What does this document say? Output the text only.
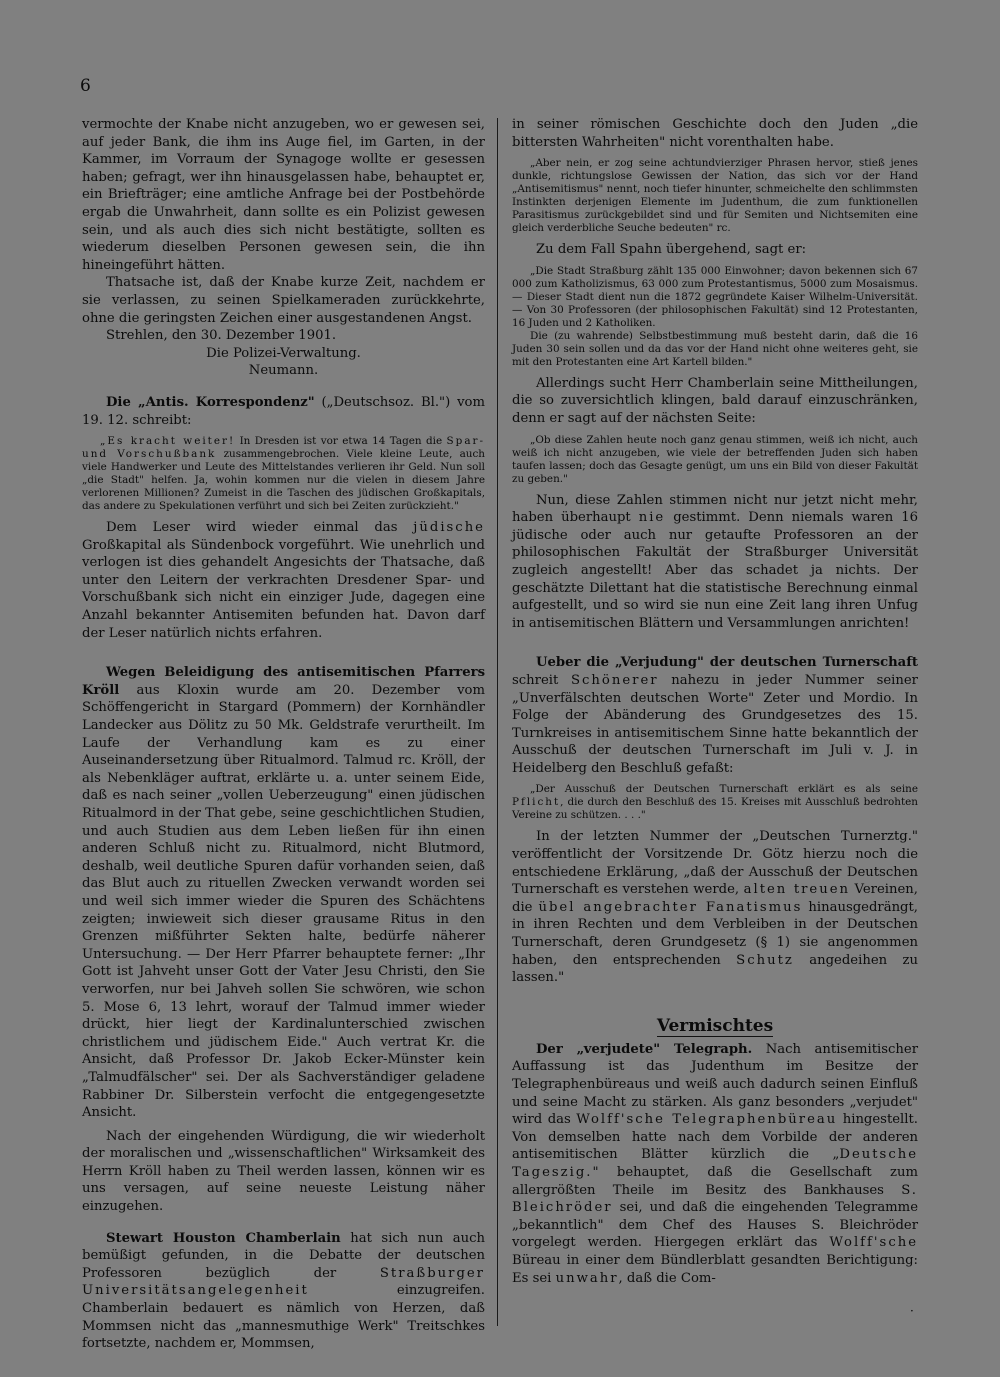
6

vermochte der Knabe nicht anzugeben, wo er gewesen sei, auf jeder Bank, die ihm ins Auge fiel, im Garten, in der Kammer, im Vorraum der Synagoge wollte er gesessen haben; gefragt, wer ihn hinausgelassen habe, behauptet er, ein Briefträger; eine amtliche Anfrage bei der Postbehörde ergab die Unwahrheit, dann sollte es ein Polizist gewesen sein, und als auch dies sich nicht bestätigte, sollten es wiederum dieselben Personen gewesen sein, die ihn hineingeführt hätten.

Thatsache ist, daß der Knabe kurze Zeit, nachdem er sie verlassen, zu seinen Spielkameraden zurückkehrte, ohne die geringsten Zeichen einer ausgestandenen Angst.

Strehlen, den 30. Dezember 1901.

Die Polizei-Verwaltung.

Neumann.

Die „Antis. Korrespondenz" („Deutschsoz. Bl.") vom 19. 12. schreibt:

„Es kracht weiter! In Dresden ist vor etwa 14 Tagen die Spar- und Vorschußbank zusammengebrochen. Viele kleine Leute, auch viele Handwerker und Leute des Mittelstandes verlieren ihr Geld. Nun soll „die Stadt" helfen. Ja, wohin kommen nur die vielen in diesem Jahre verlorenen Millionen? Zumeist in die Taschen des jüdischen Großkapitals, das andere zu Spekulationen verführt und sich bei Zeiten zurückzieht."

Dem Leser wird wieder einmal das jüdische Großkapital als Sündenbock vorgeführt. Wie unehrlich und verlogen ist dies gehandelt Angesichts der Thatsache, daß unter den Leitern der verkrachten Dresdener Spar- und Vorschußbank sich nicht ein einziger Jude, dagegen eine Anzahl bekannter Antisemiten befunden hat. Davon darf der Leser natürlich nichts erfahren.

Wegen Beleidigung des antisemitischen Pfarrers Kröll aus Kloxin wurde am 20. Dezember vom Schöffengericht in Stargard (Pommern) der Kornhändler Landecker aus Dölitz zu 50 Mk. Geldstrafe verurtheilt. Im Laufe der Verhandlung kam es zu einer Auseinandersetzung über Ritualmord. Talmud rc. Kröll, der als Nebenkläger auftrat, erklärte u. a. unter seinem Eide, daß es nach seiner „vollen Ueberzeugung" einen jüdischen Ritualmord in der That gebe, seine geschichtlichen Studien, und auch Studien aus dem Leben ließen für ihn einen anderen Schluß nicht zu. Ritualmord, nicht Blutmord, deshalb, weil deutliche Spuren dafür vorhanden seien, daß das Blut auch zu rituellen Zwecken verwandt worden sei und weil sich immer wieder die Spuren des Schächtens zeigten; inwieweit sich dieser grausame Ritus in den Grenzen mißführter Sekten halte, bedürfe näherer Untersuchung. — Der Herr Pfarrer behauptete ferner: „Ihr Gott ist Jahveht unser Gott der Vater Jesu Christi, den Sie verworfen, nur bei Jahveh sollen Sie schwören, wie schon 5. Mose 6, 13 lehrt, worauf der Talmud immer wieder drückt, hier liegt der Kardinalunterschied zwischen christlichem und jüdischem Eide." Auch vertrat Kr. die Ansicht, daß Professor Dr. Jakob Ecker-Münster kein „Talmudfälscher" sei. Der als Sachverständiger geladene Rabbiner Dr. Silberstein verfocht die entgegengesetzte Ansicht.

Nach der eingehenden Würdigung, die wir wiederholt der moralischen und „wissenschaftlichen" Wirksamkeit des Herrn Kröll haben zu Theil werden lassen, können wir es uns versagen, auf seine neueste Leistung näher einzugehen.

Stewart Houston Chamberlain hat sich nun auch bemüßigt gefunden, in die Debatte der deutschen Professoren bezüglich der Straßburger Universitätsangelegenheit einzugreifen. Chamberlain bedauert es nämlich von Herzen, daß Mommsen nicht das „mannesmuthige Werk" Treitschkes fortsetzte, nachdem er, Mommsen,

in seiner römischen Geschichte doch den Juden „die bittersten Wahrheiten" nicht vorenthalten habe.

„Aber nein, er zog seine achtundvierziger Phrasen hervor, stieß jenes dunkle, richtungslose Gewissen der Nation, das sich vor der Hand „Antisemitismus" nennt, noch tiefer hinunter, schmeichelte den schlimmsten Instinkten derjenigen Elemente im Judenthum, die zum funktionellen Parasitismus zurückgebildet sind und für Semiten und Nichtsemiten eine gleich verderbliche Seuche bedeuten" rc.

Zu dem Fall Spahn übergehend, sagt er:

„Die Stadt Straßburg zählt 135 000 Einwohner; davon bekennen sich 67 000 zum Katholizismus, 63 000 zum Protestantismus, 5000 zum Mosaismus. — Dieser Stadt dient nun die 1872 gegründete Kaiser Wilhelm-Universität. — Von 30 Professoren (der philosophischen Fakultät) sind 12 Protestanten, 16 Juden und 2 Katholiken.

Die (zu wahrende) Selbstbestimmung muß besteht darin, daß die 16 Juden 30 sein sollen und da das vor der Hand nicht ohne weiteres geht, sie mit den Protestanten eine Art Kartell bilden."

Allerdings sucht Herr Chamberlain seine Mittheilungen, die so zuversichtlich klingen, bald darauf einzuschränken, denn er sagt auf der nächsten Seite:

„Ob diese Zahlen heute noch ganz genau stimmen, weiß ich nicht, auch weiß ich nicht anzugeben, wie viele der betreffenden Juden sich haben taufen lassen; doch das Gesagte genügt, um uns ein Bild von dieser Fakultät zu geben."

Nun, diese Zahlen stimmen nicht nur jetzt nicht mehr, haben überhaupt nie gestimmt. Denn niemals waren 16 jüdische oder auch nur getaufte Professoren an der philosophischen Fakultät der Straßburger Universität zugleich angestellt! Aber das schadet ja nichts. Der geschätzte Dilettant hat die statistische Berechnung einmal aufgestellt, und so wird sie nun eine Zeit lang ihren Unfug in antisemitischen Blättern und Versammlungen anrichten!

Ueber die „Verjudung" der deutschen Turnerschaft schreit Schönerer nahezu in jeder Nummer seiner „Unverfälschten deutschen Worte" Zeter und Mordio. In Folge der Abänderung des Grundgesetzes des 15. Turnkreises in antisemitischem Sinne hatte bekanntlich der Ausschuß der deutschen Turnerschaft im Juli v. J. in Heidelberg den Beschluß gefaßt:

„Der Ausschuß der Deutschen Turnerschaft erklärt es als seine Pflicht, die durch den Beschluß des 15. Kreises mit Ausschluß bedrohten Vereine zu schützen. . . ."

In der letzten Nummer der „Deutschen Turnerztg." veröffentlicht der Vorsitzende Dr. Götz hierzu noch die entschiedene Erklärung, „daß der Ausschuß der Deutschen Turnerschaft es verstehen werde, alten treuen Vereinen, die übel angebrachter Fanatismus hinausgedrängt, in ihren Rechten und dem Verbleiben in der Deutschen Turnerschaft, deren Grundgesetz (§ 1) sie angenommen haben, den entsprechenden Schutz angedeihen zu lassen."

Vermischtes

Der „verjudete" Telegraph. Nach antisemitischer Auffassung ist das Judenthum im Besitze der Telegraphenbüreaus und weiß auch dadurch seinen Einfluß und seine Macht zu stärken. Als ganz besonders „verjudet" wird das Wolff'sche Telegraphenbüreau hingestellt. Von demselben hatte nach dem Vorbilde der anderen antisemitischen Blätter kürzlich die „Deutsche Tageszig." behauptet, daß die Gesellschaft zum allergrößten Theile im Besitz des Bankhauses S. Bleichröder sei, und daß die eingehenden Telegramme „bekanntlich" dem Chef des Hauses S. Bleichröder vorgelegt werden. Hiergegen erklärt das Wolff'sche Büreau in einer dem Bündlerblatt gesandten Berichtigung: Es sei unwahr, daß die Com-

·
